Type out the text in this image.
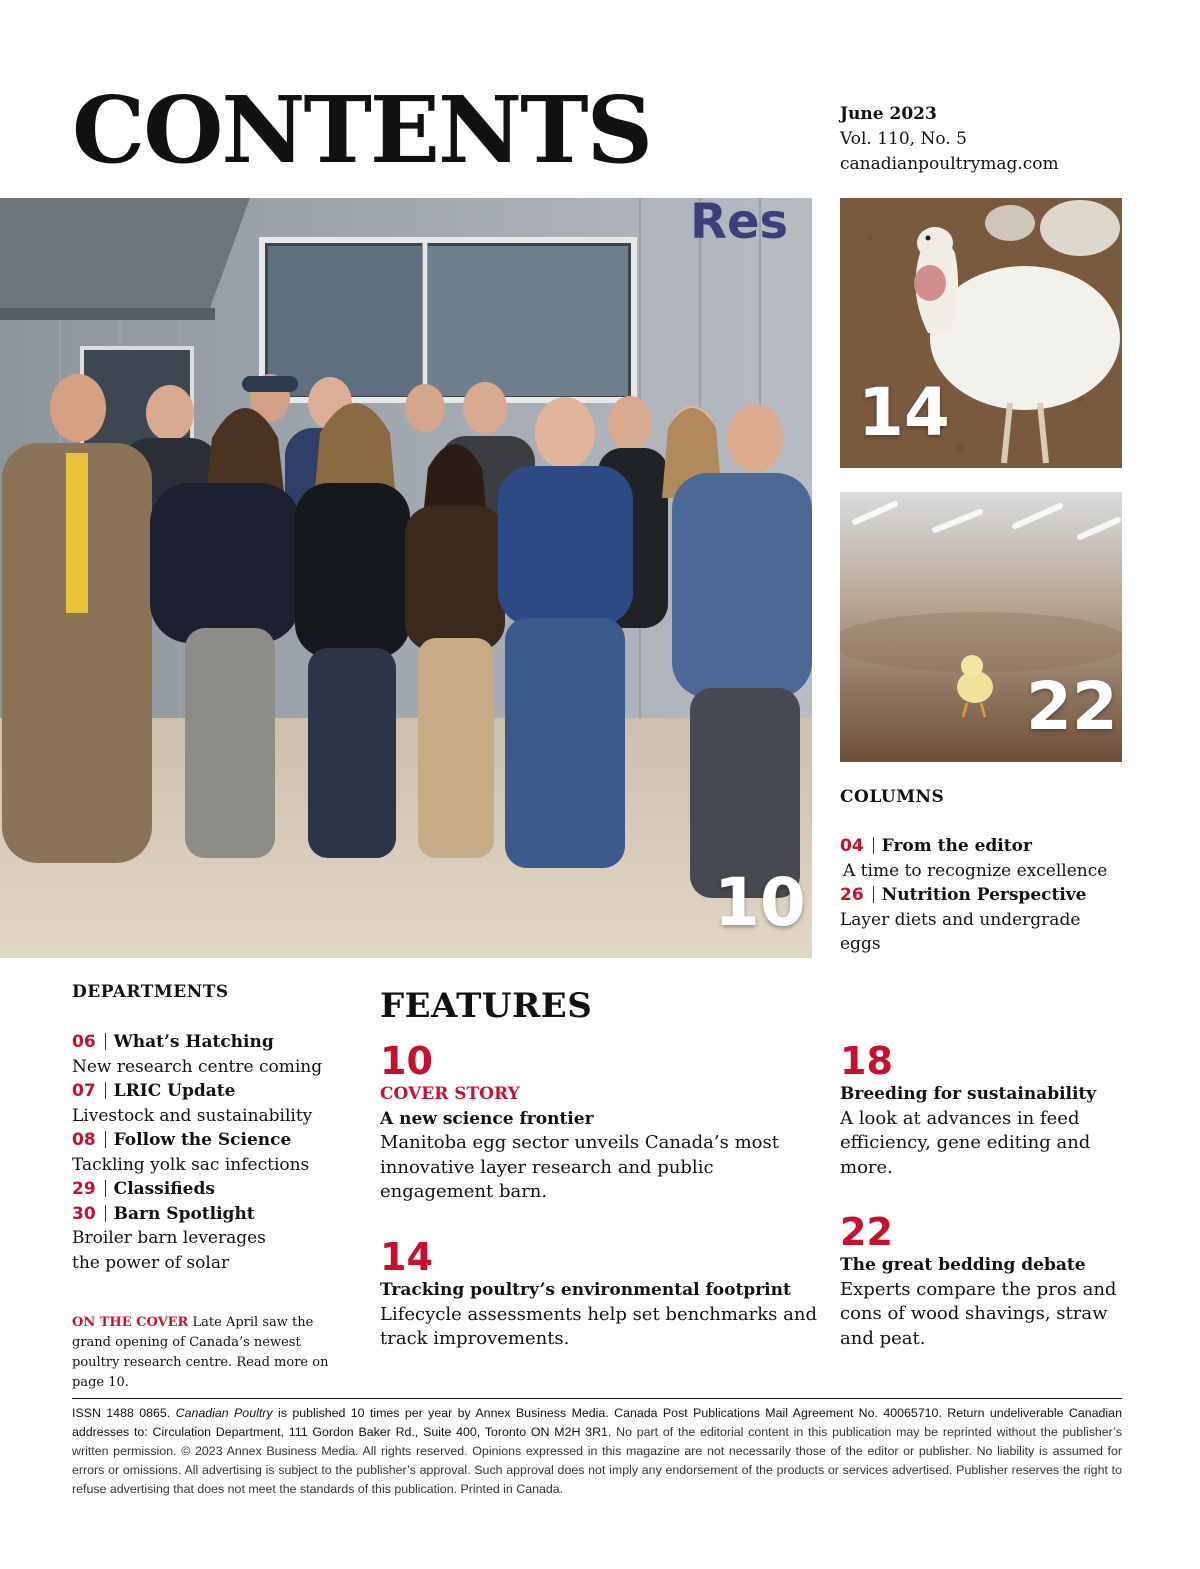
CONTENTS	June 2023
Vol. 110, No. 5
canadianpoultrymag.com
Res
10
14
22
COLUMNS
04 From the editor
A time to recognize excellence
26 Nutrition Perspective
Layer diets and undergrade eggs
DEPARTMENTS
06 What’s Hatching
New research centre coming
07 LRIC Update
Livestock and sustainability
08 Follow the Science
Tackling yolk sac infections
29 Classifieds
30 Barn Spotlight
Broiler barn leverages
the power of solar
FEATURES
10
COVER STORY
A new science frontier
Manitoba egg sector unveils Canada’s most
innovative layer research and public
engagement barn.
14
Tracking poultry’s environmental footprint
Lifecycle assessments help set benchmarks and
track improvements.
18
Breeding for sustainability
A look at advances in feed
efficiency, gene editing and
more.
22
The great bedding debate
Experts compare the pros and
cons of wood shavings, straw
and peat.
ON THE COVER Late April saw the grand opening of Canada’s newest poultry research centre. Read more on page 10.
ISSN 1488 0865. Canadian Poultry is published 10 times per year by Annex Business Media. Canada Post Publications Mail Agreement No. 40065710. Return undeliverable Canadian addresses to: Circulation Department, 111 Gordon Baker Rd., Suite 400, Toronto ON M2H 3R1. No part of the editorial content in this publication may be reprinted without the publisher’s written permission. © 2023 Annex Business Media. All rights reserved. Opinions expressed in this magazine are not necessarily those of the editor or publisher. No liability is assumed for errors or omissions. All advertising is subject to the publisher’s approval. Such approval does not imply any endorsement of the products or services advertised. Publisher reserves the right to refuse advertising that does not meet the standards of this publication. Printed in Canada.
